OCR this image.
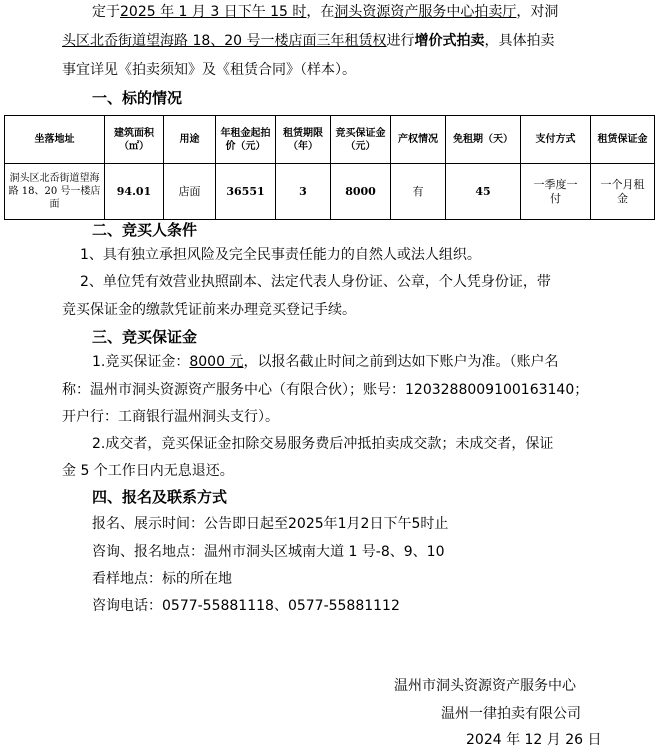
定于2025 年 1 月 3 日下午 15 时，在洞头资源资产服务中心拍卖厅，对洞
头区北岙街道望海路 18、20 号一楼店面三年租赁权进行增价式拍卖，具体拍卖
事宜详见《拍卖须知》及《租赁合同》（样本）。
一、标的情况
坐落地址	建筑面积（㎡）	用途	年租金起拍价（元）	租赁期限（年）	竞买保证金（元）	产权情况	免租期（天）	支付方式	租赁保证金
洞头区北岙街道望海路 18、20 号一楼店面	94.01	店面	36551	3	8000	有	45	一季度一付	一个月租金
二、竞买人条件
1、具有独立承担风险及完全民事责任能力的自然人或法人组织。
2、单位凭有效营业执照副本、法定代表人身份证、公章，个人凭身份证，带
竞买保证金的缴款凭证前来办理竞买登记手续。
三、竞买保证金
1.竞买保证金：8000 元，以报名截止时间之前到达如下账户为准。（账户名
称：温州市洞头资源资产服务中心（有限合伙）；账号：1203288009100163140；
开户行：工商银行温州洞头支行）。
2.成交者，竞买保证金扣除交易服务费后冲抵拍卖成交款；未成交者，保证
金 5 个工作日内无息退还。
四、报名及联系方式
报名、展示时间：公告即日起至2025年1月2日下午5时止
咨询、报名地点：温州市洞头区城南大道 1 号-8、9、10
看样地点：标的所在地
咨询电话：0577-55881118、0577-55881112
温州市洞头资源资产服务中心
温州一律拍卖有限公司
2024 年 12 月 26 日
